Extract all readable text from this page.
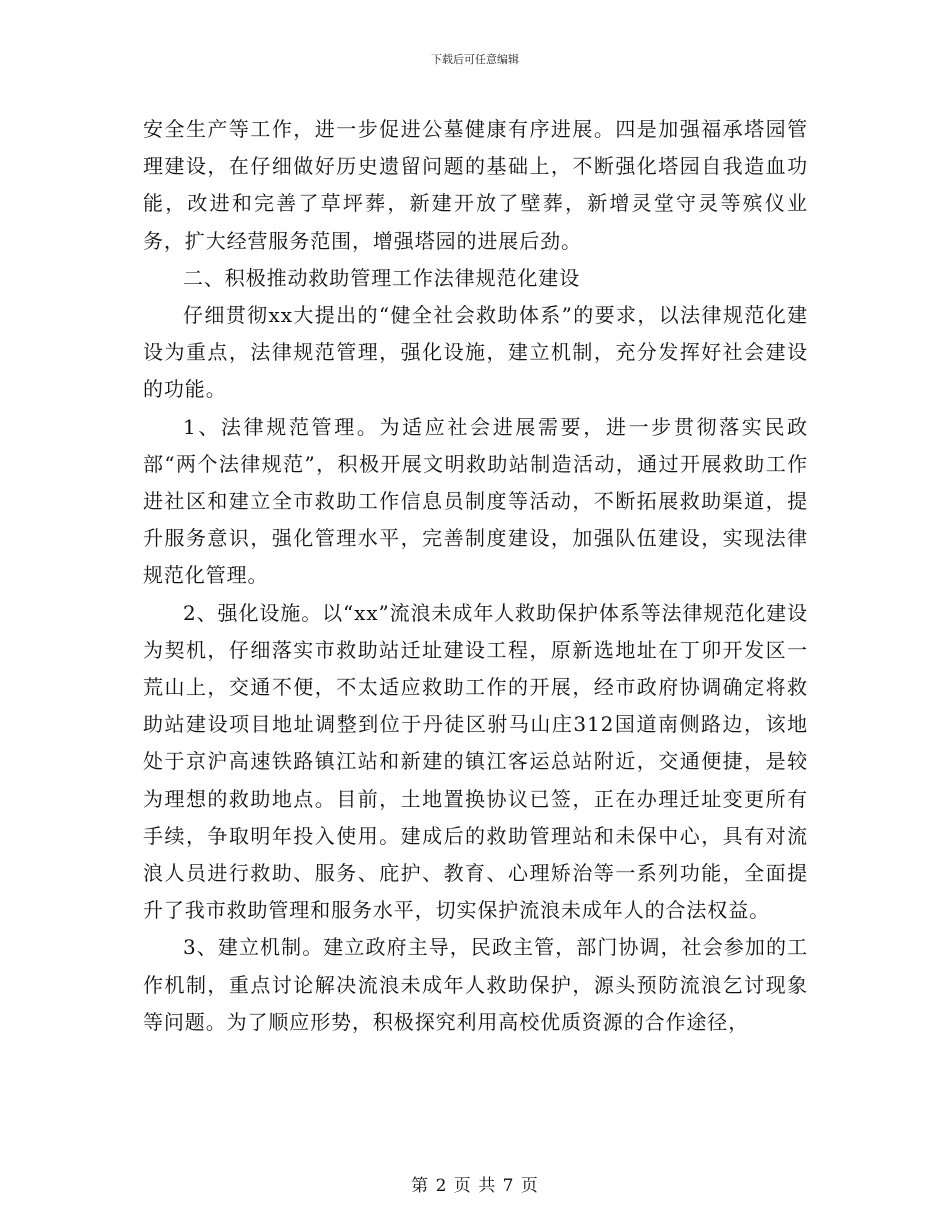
下载后可任意编辑

安全生产等工作，进一步促进公墓健康有序进展。四是加强福承塔园管理建设，在仔细做好历史遗留问题的基础上，不断强化塔园自我造血功能，改进和完善了草坪葬，新建开放了壁葬，新增灵堂守灵等殡仪业务，扩大经营服务范围，增强塔园的进展后劲。

二、积极推动救助管理工作法律规范化建设

仔细贯彻xx大提出的“健全社会救助体系”的要求，以法律规范化建设为重点，法律规范管理，强化设施，建立机制，充分发挥好社会建设的功能。

1、法律规范管理。为适应社会进展需要，进一步贯彻落实民政部“两个法律规范”，积极开展文明救助站制造活动，通过开展救助工作进社区和建立全市救助工作信息员制度等活动，不断拓展救助渠道，提升服务意识，强化管理水平，完善制度建设，加强队伍建设，实现法律规范化管理。

2、强化设施。以“xx”流浪未成年人救助保护体系等法律规范化建设为契机，仔细落实市救助站迁址建设工程，原新选地址在丁卯开发区一荒山上，交通不便，不太适应救助工作的开展，经市政府协调确定将救助站建设项目地址调整到位于丹徒区驸马山庄312国道南侧路边，该地处于京沪高速铁路镇江站和新建的镇江客运总站附近，交通便捷，是较为理想的救助地点。目前，土地置换协议已签，正在办理迁址变更所有手续，争取明年投入使用。建成后的救助管理站和未保中心，具有对流浪人员进行救助、服务、庇护、教育、心理矫治等一系列功能，全面提升了我市救助管理和服务水平，切实保护流浪未成年人的合法权益。

3、建立机制。建立政府主导，民政主管，部门协调，社会参加的工作机制，重点讨论解决流浪未成年人救助保护，源头预防流浪乞讨现象等问题。为了顺应形势，积极探究利用高校优质资源的合作途径，

第 2 页 共 7 页
